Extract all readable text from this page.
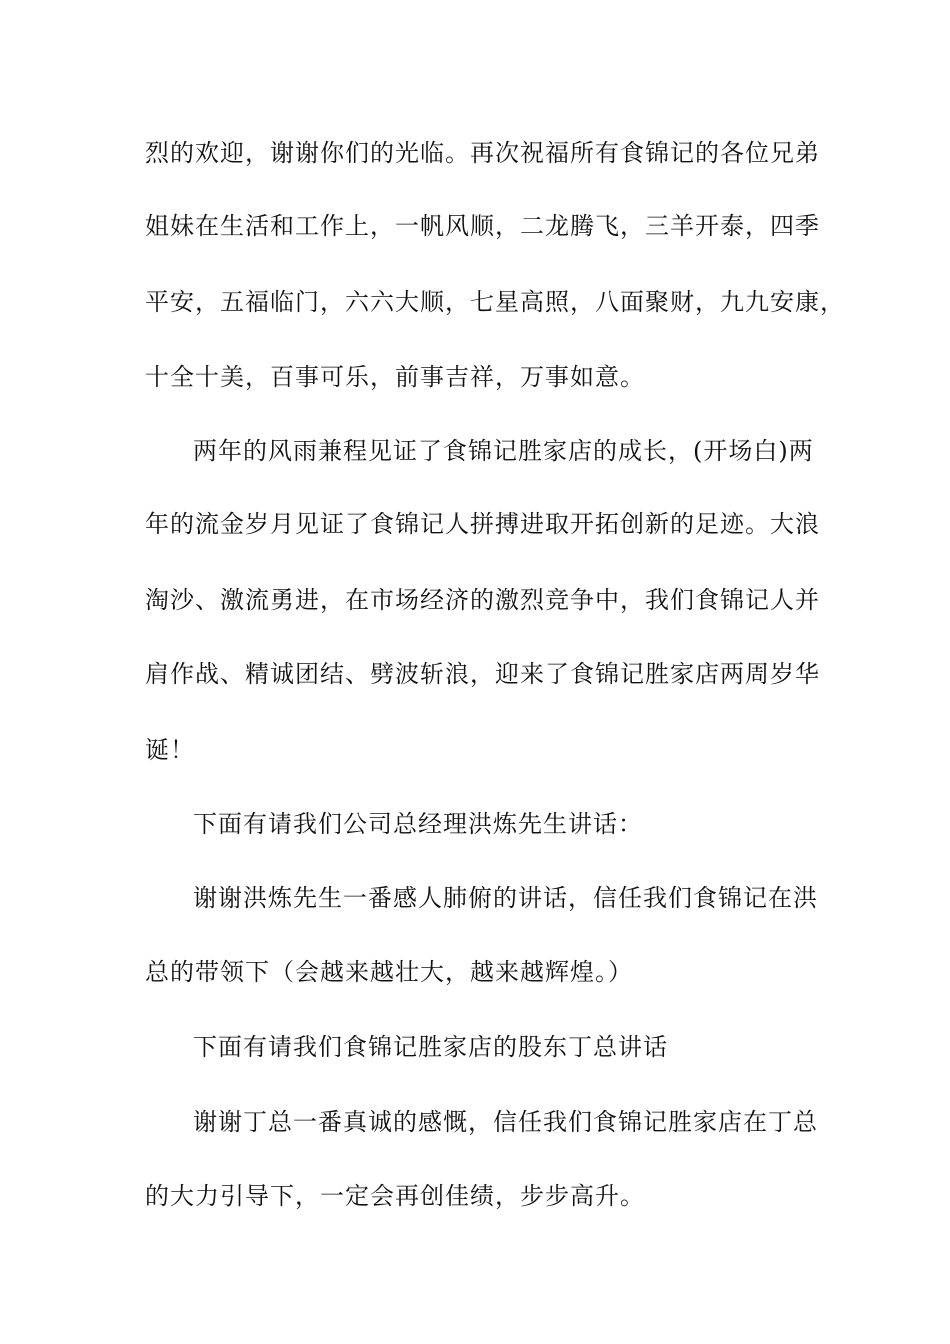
烈的欢迎，谢谢你们的光临。再次祝福所有食锦记的各位兄弟
姐妹在生活和工作上，一帆风顺，二龙腾飞，三羊开泰，四季
平安，五福临门，六六大顺，七星高照，八面聚财，九九安康，
十全十美，百事可乐，前事吉祥，万事如意。
两年的风雨兼程见证了食锦记胜家店的成长，(开场白)两
年的流金岁月见证了食锦记人拼搏进取开拓创新的足迹。大浪
淘沙、激流勇进，在市场经济的激烈竞争中，我们食锦记人并
肩作战、精诚团结、劈波斩浪，迎来了食锦记胜家店两周岁华
诞！
下面有请我们公司总经理洪炼先生讲话：
谢谢洪炼先生一番感人肺俯的讲话，信任我们食锦记在洪
总的带领下（会越来越壮大，越来越辉煌。）
下面有请我们食锦记胜家店的股东丁总讲话
谢谢丁总一番真诚的感慨，信任我们食锦记胜家店在丁总
的大力引导下，一定会再创佳绩，步步高升。
